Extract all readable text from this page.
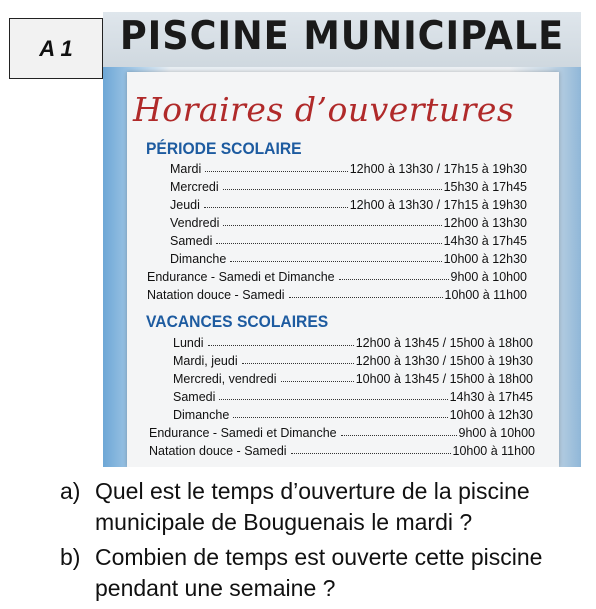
A 1	PISCINE MUNICIPALE
Horaires d’ouvertures
PÉRIODE SCOLAIRE
Mardi	12h00 à 13h30 / 17h15 à 19h30
Mercredi	15h30 à 17h45
Jeudi	12h00 à 13h30 / 17h15 à 19h30
Vendredi	12h00 à 13h30
Samedi	14h30 à 17h45
Dimanche	10h00 à 12h30
Endurance - Samedi et Dimanche	9h00 à 10h00
Natation douce - Samedi	10h00 à 11h00
VACANCES SCOLAIRES
Lundi	12h00 à 13h45 / 15h00 à 18h00
Mardi, jeudi	12h00 à 13h30 / 15h00 à 19h30
Mercredi, vendredi	10h00 à 13h45 / 15h00 à 18h00
Samedi	14h30 à 17h45
Dimanche	10h00 à 12h30
Endurance - Samedi et Dimanche	9h00 à 10h00
Natation douce - Samedi	10h00 à 11h00
a) Quel est le temps d’ouverture de la piscine
municipale de Bouguenais le mardi ?
b) Combien de temps est ouverte cette piscine
pendant une semaine ?
